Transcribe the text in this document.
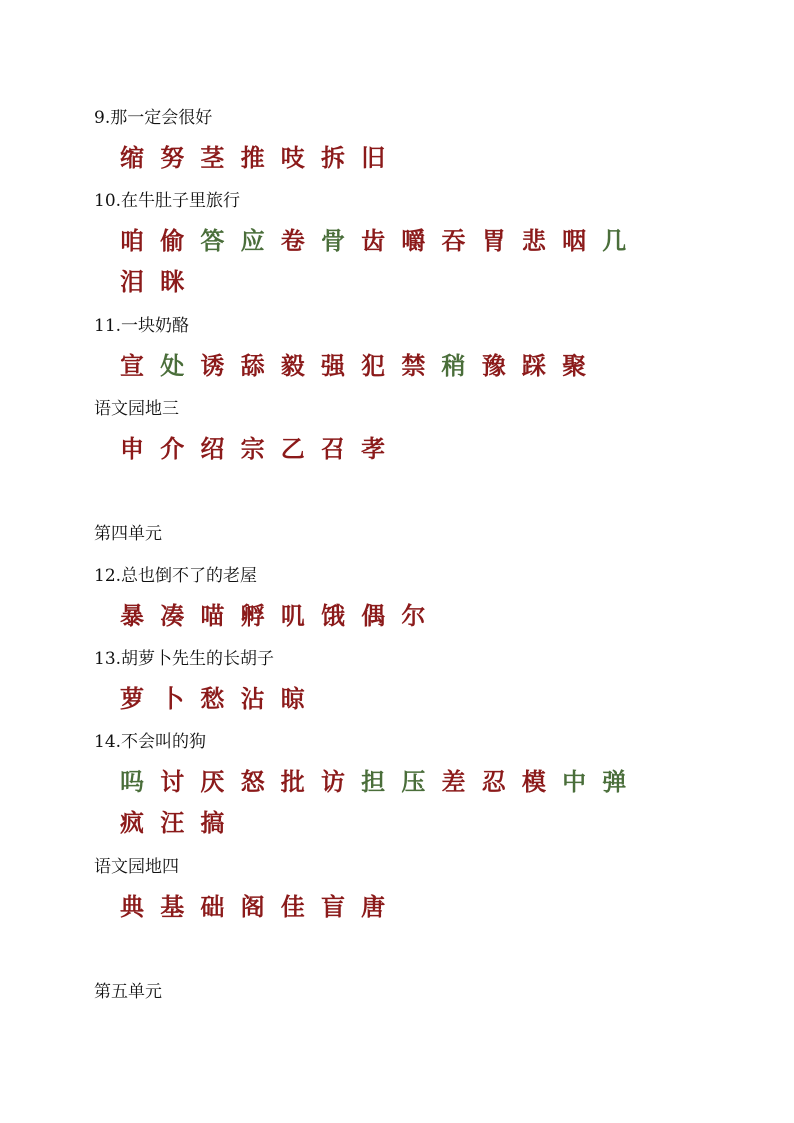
9.那一定会很好
缩 努 茎 推 吱 拆 旧
10.在牛肚子里旅行
咱 偷 答 应 卷 骨 齿 嚼 吞 胃 悲 咽 几
泪 眯
11.一块奶酪
宣 处 诱 舔 毅 强 犯 禁 稍 豫 踩 聚
语文园地三
申 介 绍 宗 乙 召 孝
第四单元
12.总也倒不了的老屋
暴 凑 喵 孵 叽 饿 偶 尔
13.胡萝卜先生的长胡子
萝 卜 愁 沾 晾
14.不会叫的狗
吗 讨 厌 怒 批 访 担 压 差 忍 模 中 弹
疯 汪 搞
语文园地四
典 基 础 阁 佳 盲 唐
第五单元
